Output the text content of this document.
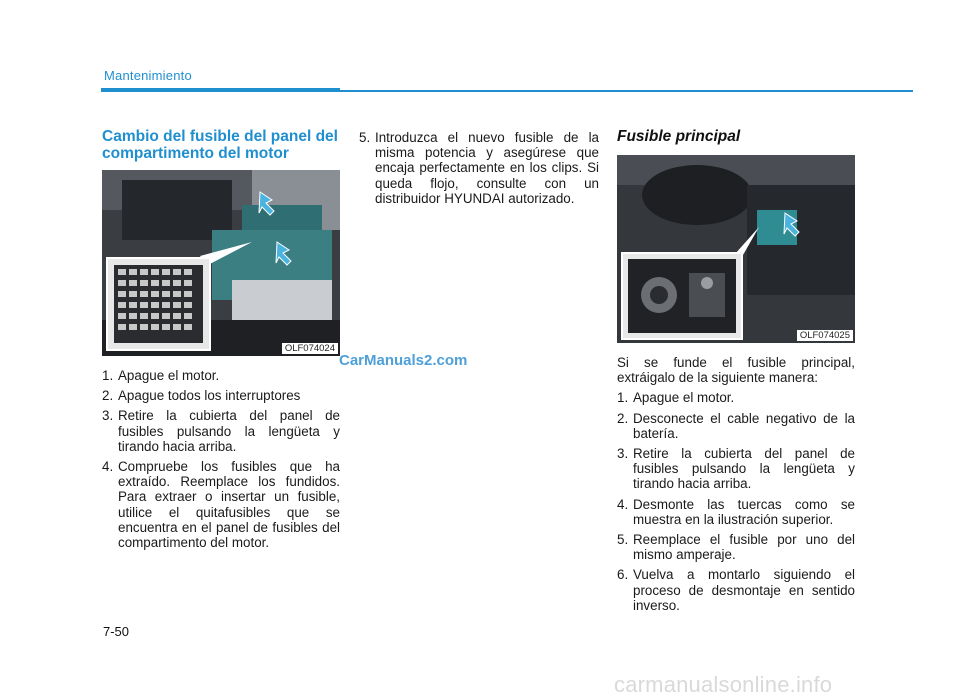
Mantenimiento
Cambio del fusible del panel del compartimento del motor
OLF074024
1. Apague el motor.
2. Apague todos los interruptores
3. Retire la cubierta del panel de fusibles pulsando la lengüeta y tirando hacia arriba.
4. Compruebe los fusibles que ha extraído. Reemplace los fundidos. Para extraer o insertar un fusible, utilice el quitafusibles que se encuentra en el panel de fusibles del compartimento del motor.
5. Introduzca el nuevo fusible de la misma potencia y asegúrese que encaja perfectamente en los clips. Si queda flojo, consulte con un distribuidor HYUNDAI autorizado.
Fusible principal
OLF074025

Si se funde el fusible principal, extráigalo de la siguiente manera:

1. Apague el motor.
2. Desconecte el cable negativo de la batería.
3. Retire la cubierta del panel de fusibles pulsando la lengüeta y tirando hacia arriba.
4. Desmonte las tuercas como se muestra en la ilustración superior.
5. Reemplace el fusible por uno del mismo amperaje.
6. Vuelva a montarlo siguiendo el proceso de desmontaje en sentido inverso.
CarManuals2.com
7-50
carmanualsonline.info
